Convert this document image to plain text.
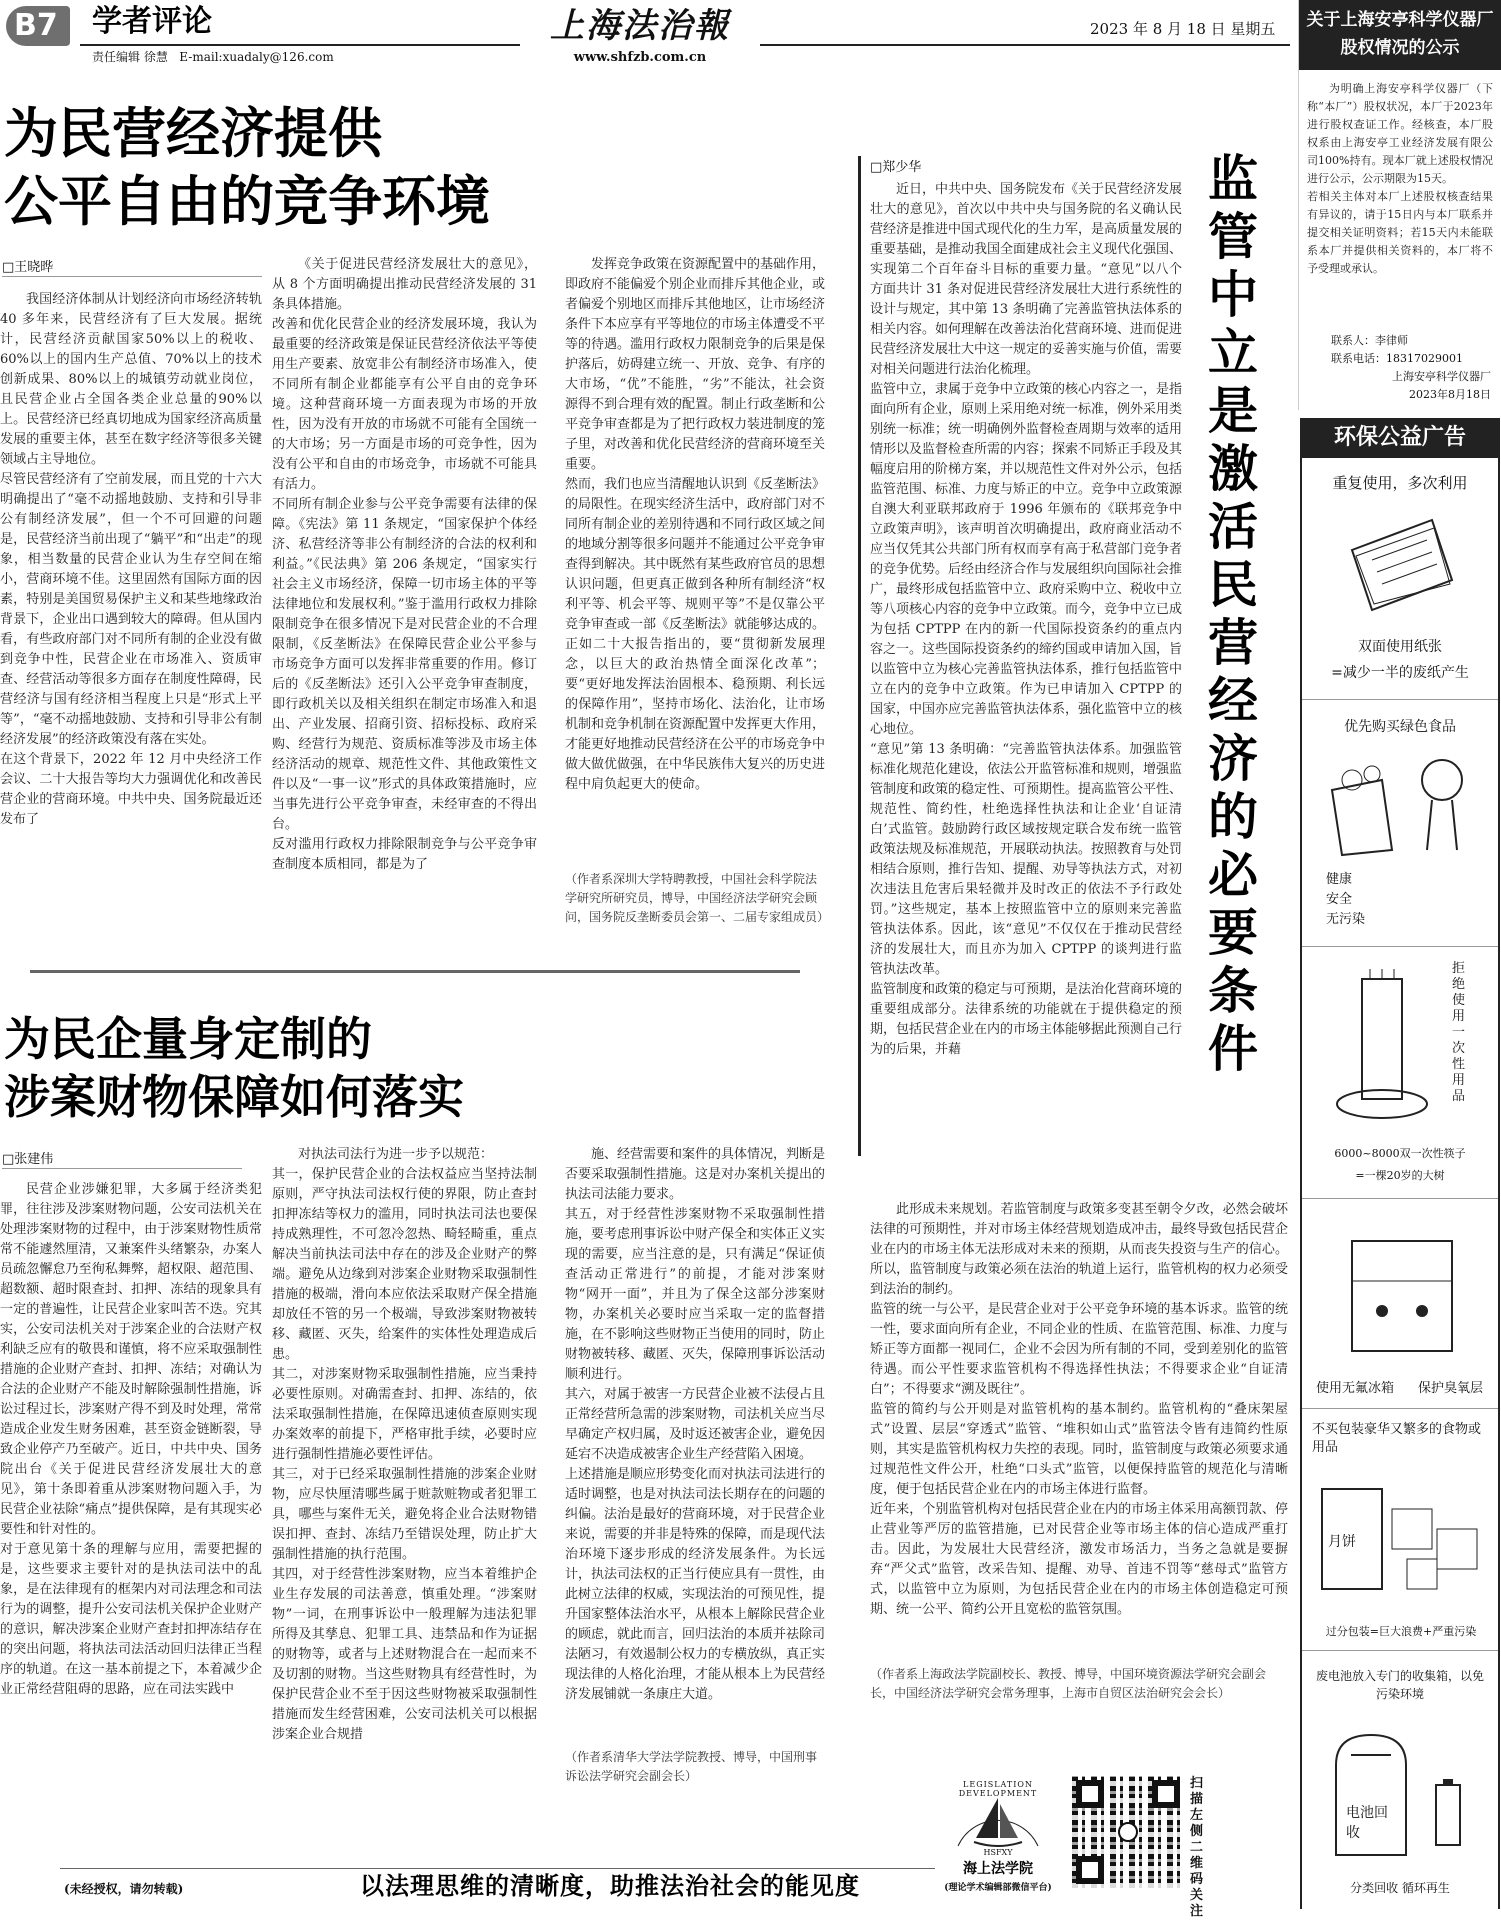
B7 学者评论
责任编辑 徐慧 E-mail:xuadaly@126.com
上海法治報
www.shfzb.com.cn
2023 年 8 月 18 日 星期五
为民营经济提供
公平自由的竞争环境
□王晓晔
我国经济体制从计划经济向市场经济转轨 40 多年来，民营经济有了巨大发展。据统计，民营经济贡献国家50%以上的税收、60%以上的国内生产总值、70%以上的技术创新成果、80%以上的城镇劳动就业岗位，且民营企业占全国各类企业总量的90%以上。民营经济已经真切地成为国家经济高质量发展的重要主体，甚至在数字经济等很多关键领域占主导地位。
尽管民营经济有了空前发展，而且党的十六大明确提出了“毫不动摇地鼓励、支持和引导非公有制经济发展”，但一个不可回避的问题是，民营经济当前出现了“躺平”和“出走”的现象，相当数量的民营企业认为生存空间在缩小，营商环境不佳。这里固然有国际方面的因素，特别是美国贸易保护主义和某些地缘政治背景下，企业出口遇到较大的障碍。但从国内看，有些政府部门对不同所有制的企业没有做到竞争中性，民营企业在市场准入、资质审查、经营活动等很多方面存在制度性障碍，民营经济与国有经济相当程度上只是“形式上平等”，“毫不动摇地鼓励、支持和引导非公有制经济发展”的经济政策没有落在实处。
在这个背景下，2022 年 12 月中央经济工作会议、二十大报告等均大力强调优化和改善民营企业的营商环境。中共中央、国务院最近还发布了
《关于促进民营经济发展壮大的意见》，从 8 个方面明确提出推动民营经济发展的 31 条具体措施。
改善和优化民营企业的经济发展环境，我认为最重要的经济政策是保证民营经济依法平等使用生产要素、放宽非公有制经济市场准入，使不同所有制企业都能享有公平自由的竞争环境。这种营商环境一方面表现为市场的开放性，因为没有开放的市场就不可能有全国统一的大市场；另一方面是市场的可竞争性，因为没有公平和自由的市场竞争，市场就不可能具有活力。
不同所有制企业参与公平竞争需要有法律的保障。《宪法》第 11 条规定，“国家保护个体经济、私营经济等非公有制经济的合法的权利和利益。”《民法典》第 206 条规定，“国家实行社会主义市场经济，保障一切市场主体的平等法律地位和发展权利。”鉴于滥用行政权力排除限制竞争在很多情况下是对民营企业的不合理限制，《反垄断法》在保障民营企业公平参与市场竞争方面可以发挥非常重要的作用。修订后的《反垄断法》还引入公平竞争审查制度，即行政机关以及相关组织在制定市场准入和退出、产业发展、招商引资、招标投标、政府采购、经营行为规范、资质标准等涉及市场主体经济活动的规章、规范性文件、其他政策性文件以及“一事一议”形式的具体政策措施时，应当事先进行公平竞争审查，未经审查的不得出台。
反对滥用行政权力排除限制竞争与公平竞争审查制度本质相同，都是为了
发挥竞争政策在资源配置中的基础作用，即政府不能偏爱个别企业而排斥其他企业，或者偏爱个别地区而排斥其他地区，让市场经济条件下本应享有平等地位的市场主体遭受不平等的待遇。滥用行政权力限制竞争的后果是保护落后，妨碍建立统一、开放、竞争、有序的大市场，“优”不能胜，“劣”不能汰，社会资源得不到合理有效的配置。制止行政垄断和公平竞争审查都是为了把行政权力装进制度的笼子里，对改善和优化民营经济的营商环境至关重要。
然而，我们也应当清醒地认识到《反垄断法》的局限性。在现实经济生活中，政府部门对不同所有制企业的差别待遇和不同行政区域之间的地域分割等很多问题并不能通过公平竞争审查得到解决。其中既然有某些政府官员的思想认识问题，但更真正做到各种所有制经济“权利平等、机会平等、规则平等”不是仅靠公平竞争审查或一部《反垄断法》就能够达成的。正如二十大报告指出的，要“贯彻新发展理念，以巨大的政治热情全面深化改革”；要“更好地发挥法治固根本、稳预期、利长远的保障作用”，坚持市场化、法治化，让市场机制和竞争机制在资源配置中发挥更大作用，才能更好地推动民营经济在公平的市场竞争中做大做优做强，在中华民族伟大复兴的历史进程中肩负起更大的使命。
（作者系深圳大学特聘教授，中国社会科学院法学研究所研究员，博导，中国经济法学研究会顾问，国务院反垄断委员会第一、二届专家组成员）
为民企量身定制的
涉案财物保障如何落实
□张建伟
民营企业涉嫌犯罪，大多属于经济类犯罪，往往涉及涉案财物问题，公安司法机关在处理涉案财物的过程中，由于涉案财物性质常常不能遽然厘清，又兼案件头绪繁杂，办案人员疏忽懈怠乃至徇私舞弊，超权限、超范围、超数额、超时限查封、扣押、冻结的现象具有一定的普遍性，让民营企业家叫苦不迭。究其实，公安司法机关对于涉案企业的合法财产权利缺乏应有的敬畏和谨慎，将不应采取强制性措施的企业财产查封、扣押、冻结；对确认为合法的企业财产不能及时解除强制性措施，诉讼过程过长，涉案财产得不到及时处理，常常造成企业发生财务困难，甚至资金链断裂，导致企业停产乃至破产。近日，中共中央、国务院出台《关于促进民营经济发展壮大的意见》，第十条即着重从涉案财物问题入手，为民营企业祛除“痛点”提供保障，是有其现实必要性和针对性的。
对于意见第十条的理解与应用，需要把握的是，这些要求主要针对的是执法司法中的乱象，是在法律现有的框架内对司法理念和司法行为的调整，提升公安司法机关保护企业财产的意识，解决涉案企业财产查封扣押冻结存在的突出问题，将执法司法活动回归法律正当程序的轨道。在这一基本前提之下，本着减少企业正常经营阻碍的思路，应在司法实践中
对执法司法行为进一步予以规范：
其一，保护民营企业的合法权益应当坚持法制原则，严守执法司法权行使的界限，防止查封扣押冻结等权力的滥用，同时执法司法也要保持成熟理性，不可忽冷忽热、畸轻畸重，重点解决当前执法司法中存在的涉及企业财产的弊端。避免从边缘到对涉案企业财物采取强制性措施的极端，滑向本应依法采取财产保全措施却放任不管的另一个极端，导致涉案财物被转移、藏匿、灭失，给案件的实体性处理造成后患。
其二，对涉案财物采取强制性措施，应当秉持必要性原则。对确需查封、扣押、冻结的，依法采取强制性措施，在保障迅速侦查原则实现办案效率的前提下，严格审批手续，必要时应进行强制性措施必要性评估。
其三，对于已经采取强制性措施的涉案企业财物，应尽快厘清哪些属于赃款赃物或者犯罪工具，哪些与案件无关，避免将企业合法财物错误扣押、查封、冻结乃至错误处理，防止扩大强制性措施的执行范围。
其四，对于经营性涉案财物，应当本着维护企业生存发展的司法善意，慎重处理。“涉案财物”一词，在刑事诉讼中一般理解为违法犯罪所得及其孳息、犯罪工具、违禁品和作为证据的财物等，或者与上述财物混合在一起而来不及切割的财物。当这些财物具有经营性时，为保护民营企业不至于因这些财物被采取强制性措施而发生经营困难，公安司法机关可以根据涉案企业合规措
施、经营需要和案件的具体情况，判断是否要采取强制性措施。这是对办案机关提出的执法司法能力要求。
其五，对于经营性涉案财物不采取强制性措施，要考虑刑事诉讼中财产保全和实体正义实现的需要，应当注意的是，只有满足“保证侦查活动正常进行”的前提，才能对涉案财物“网开一面”，并且为了保全这部分涉案财物，办案机关必要时应当采取一定的监督措施，在不影响这些财物正当使用的同时，防止财物被转移、藏匿、灭失，保障刑事诉讼活动顺利进行。
其六，对属于被害一方民营企业被不法侵占且正常经营所急需的涉案财物，司法机关应当尽早确定产权归属，及时返还被害企业，避免因延宕不决造成被害企业生产经营陷入困境。
上述措施是顺应形势变化而对执法司法进行的适时调整，也是对执法司法长期存在的问题的纠偏。法治是最好的营商环境，对于民营企业来说，需要的并非是特殊的保障，而是现代法治环境下逐步形成的经济发展条件。为长远计，执法司法权的正当行使应具有一贯性，由此树立法律的权威，实现法治的可预见性，提升国家整体法治水平，从根本上解除民营企业的顾虑，就此而言，回归法治的本质并祛除司法陋习，有效遏制公权力的专横放纵，真正实现法律的人格化治理，才能从根本上为民营经济发展铺就一条康庄大道。
（作者系清华大学法学院教授、博导，中国刑事诉讼法学研究会副会长）
□郑少华	监
管
中
立
是
激
活
民
营
经
济
的
必
要
条
件
近日，中共中央、国务院发布《关于民营经济发展壮大的意见》，首次以中共中央与国务院的名义确认民营经济是推进中国式现代化的生力军，是高质量发展的重要基础，是推动我国全面建成社会主义现代化强国、实现第二个百年奋斗目标的重要力量。“意见”以八个方面共计 31 条对促进民营经济发展壮大进行系统性的设计与规定，其中第 13 条明确了完善监管执法体系的相关内容。如何理解在改善法治化营商环境、进而促进民营经济发展壮大中这一规定的妥善实施与价值，需要对相关问题进行法治化梳理。
监管中立，隶属于竞争中立政策的核心内容之一，是指面向所有企业，原则上采用绝对统一标准，例外采用类别统一标准；统一明确例外监督检查周期与效率的适用情形以及监督检查所需的内容；探索不同矫正手段及其幅度启用的阶梯方案，并以规范性文件对外公示，包括监管范围、标准、力度与矫正的中立。竞争中立政策源自澳大利亚联邦政府于 1996 年颁布的《联邦竞争中立政策声明》，该声明首次明确提出，政府商业活动不应当仅凭其公共部门所有权而享有高于私营部门竞争者的竞争优势。后经由经济合作与发展组织向国际社会推广，最终形成包括监管中立、政府采购中立、税收中立等八项核心内容的竞争中立政策。而今，竞争中立已成为包括 CPTPP 在内的新一代国际投资条约的重点内容之一。这些国际投资条约的缔约国或申请加入国，旨以监管中立为核心完善监管执法体系，推行包括监管中立在内的竞争中立政策。作为已申请加入 CPTPP 的国家，中国亦应完善监管执法体系，强化监管中立的核心地位。
“意见”第 13 条明确：“完善监管执法体系。加强监管标准化规范化建设，依法公开监管标准和规则，增强监管制度和政策的稳定性、可预期性。提高监管公平性、规范性、简约性，杜绝选择性执法和让企业‘自证清白’式监管。鼓励跨行政区域按规定联合发布统一监管政策法规及标准规范，开展联动执法。按照教育与处罚相结合原则，推行告知、提醒、劝导等执法方式，对初次违法且危害后果轻微并及时改正的依法不予行政处罚。”这些规定，基本上按照监管中立的原则来完善监管执法体系。因此，该“意见”不仅仅在于推动民营经济的发展壮大，而且亦为加入 CPTPP 的谈判进行监管执法改革。
监管制度和政策的稳定与可预期，是法治化营商环境的重要组成部分。法律系统的功能就在于提供稳定的预期，包括民营企业在内的市场主体能够据此预测自己行为的后果，并藉
此形成未来规划。若监管制度与政策多变甚至朝令夕改，必然会破坏法律的可预期性，并对市场主体经营规划造成冲击，最终导致包括民营企业在内的市场主体无法形成对未来的预期，从而丧失投资与生产的信心。所以，监管制度与政策必须在法治的轨道上运行，监管机构的权力必须受到法治的制约。
监管的统一与公平，是民营企业对于公平竞争环境的基本诉求。监管的统一性，要求面向所有企业，不同企业的性质、在监管范围、标准、力度与矫正等方面都一视同仁，企业不会因为所有制的不同，受到差别化的监管待遇。而公平性要求监管机构不得选择性执法；不得要求企业“自证清白”；不得要求“溯及既往”。
监管的简约与公开则是对监管机构的基本制约。监管机构的“叠床架屋式”设置、层层“穿透式”监管、“堆积如山式”监管法令皆有违简约性原则，其实是监管机构权力失控的表现。同时，监管制度与政策必须要求通过规范性文件公开，杜绝“口头式”监管，以便保持监管的规范化与清晰度，便于包括民营企业在内的市场主体进行监督。
近年来，个别监管机构对包括民营企业在内的市场主体采用高额罚款、停止营业等严厉的监管措施，已对民营企业等市场主体的信心造成严重打击。因此，为发展壮大民营经济，激发市场活力，当务之急就是要摒弃“严父式”监管，改采告知、提醒、劝导、首违不罚等“慈母式”监管方式，以监管中立为原则，为包括民营企业在内的市场主体创造稳定可预期、统一公平、简约公开且宽松的监管氛围。
（作者系上海政法学院副校长、教授、博导，中国环境资源法学研究会副会长，中国经济法学研究会常务理事，上海市自贸区法治研究会会长）
关于上海安亭科学仪器厂股权情况的公示
为明确上海安亭科学仪器厂（下称“本厂”）股权状况，本厂于2023年进行股权查证工作。经核查，本厂股权系由上海安亭工业经济发展有限公司100%持有。现本厂就上述股权情况进行公示，公示期限为15天。
若相关主体对本厂上述股权核查结果有异议的，请于15日内与本厂联系并提交相关证明资料；若15天内未能联系本厂并提供相关资料的，本厂将不予受理或承认。
联系人：李律师
联系电话：18317029001
上海安亭科学仪器厂
2023年8月18日
环保公益广告
重复使用，多次利用
双面使用纸张
=减少一半的废纸产生
优先购买绿色食品
健康
安全
无污染
拒绝使用一次性用品
6000~8000双一次性筷子
=一棵20岁的大树
使用无氟冰箱 保护臭氧层
不买包装豪华又繁多的食物或用品
月饼
过分包装=巨大浪费+严重污染
废电池放入专门的收集箱，以免污染环境
电池回收
分类回收 循环再生
LEGISLATION DEVELOPMENT
HSFXY
海上法学院
(理论学术编辑部微信平台)
扫描左侧二维码关注
(未经授权，请勿转载)	以法理思维的清晰度，助推法治社会的能见度
